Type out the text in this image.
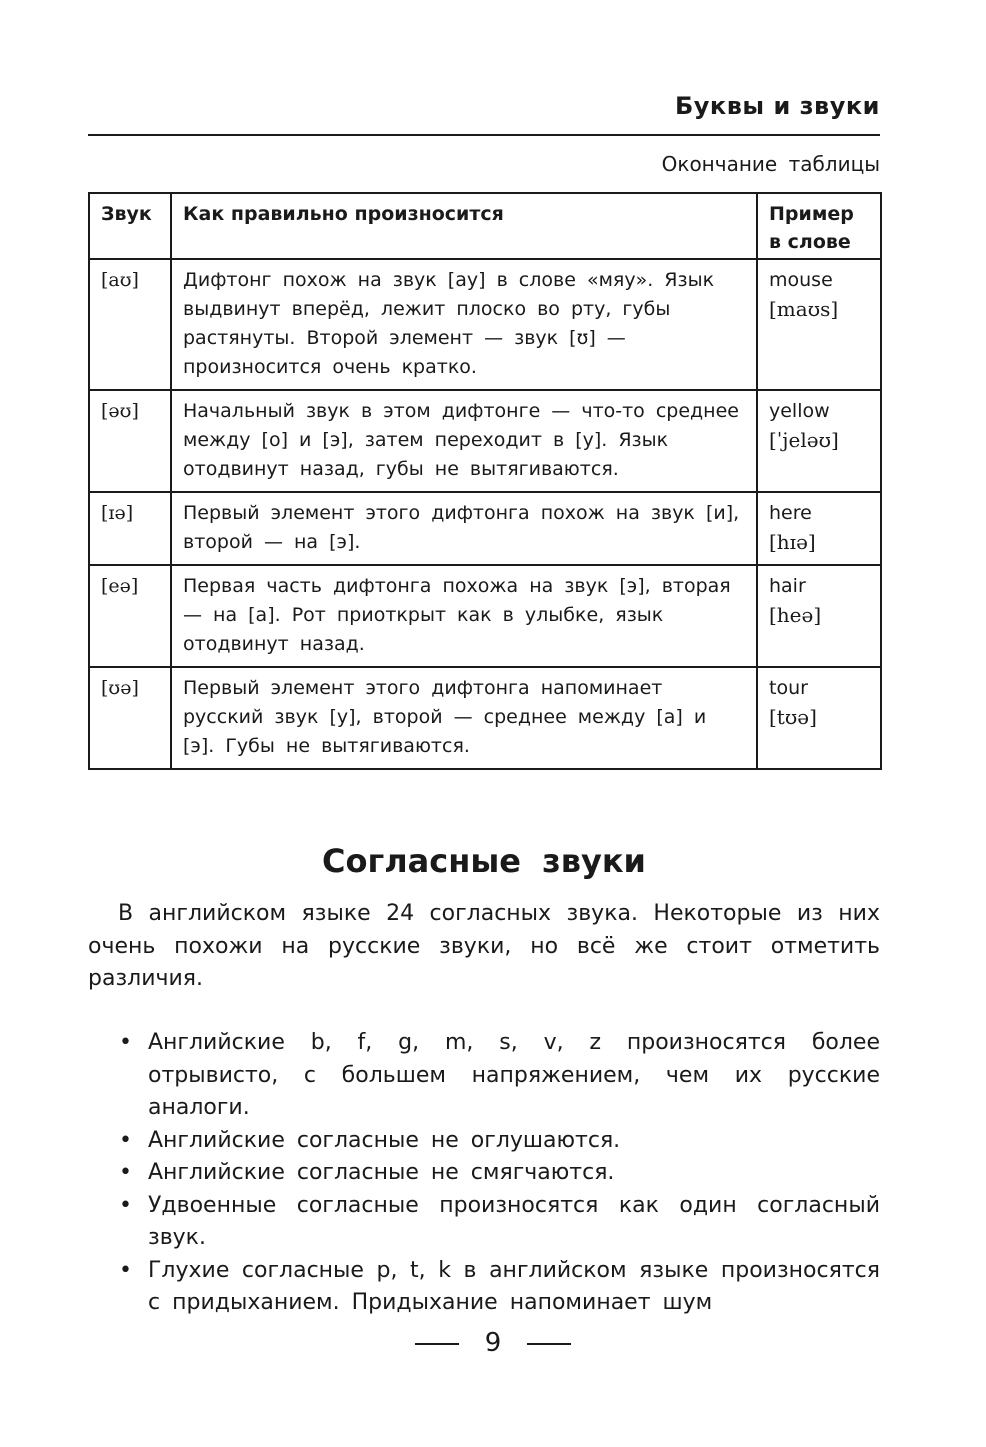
Буквы и звуки
Окончание таблицы
Звук	Как правильно произносится	Пример в слове
[aʊ]	Дифтонг похож на звук [ау] в слове «мяу». Язык выдвинут вперёд, лежит плоско во рту, губы растянуты. Второй элемент — звук [ʊ] — произносится очень кратко.	mouse
[maʊs]

[əʊ]	Начальный звук в этом дифтонге — что-то среднее между [о] и [э], затем переходит в [у]. Язык отодвинут назад, губы не вытягиваются.	yellow
[ˈjeləʊ]

[ɪə]	Первый элемент этого дифтонга похож на звук [и], второй — на [э].	here
[hɪə]

[eə]	Первая часть дифтонга похожа на звук [э], вторая — на [а]. Рот приоткрыт как в улыбке, язык отодвинут назад.	hair
[heə]

[ʊə]	Первый элемент этого дифтонга напоминает русский звук [у], второй — среднее между [а] и [э]. Губы не вытягиваются.	tour
[tʊə]
Согласные звуки

В английском языке 24 согласных звука. Некоторые из них очень похожи на русские звуки, но всё же стоит отметить различия.

• Английские b, f, g, m, s, v, z произносятся более отрывисто, с большем напряжением, чем их русские аналоги.
• Английские согласные не оглушаются.
• Английские согласные не смягчаются.
• Удвоенные согласные произносятся как один согласный звук.
• Глухие согласные p, t, k в английском языке произносятся с придыханием. Придыхание напоминает шум
9
